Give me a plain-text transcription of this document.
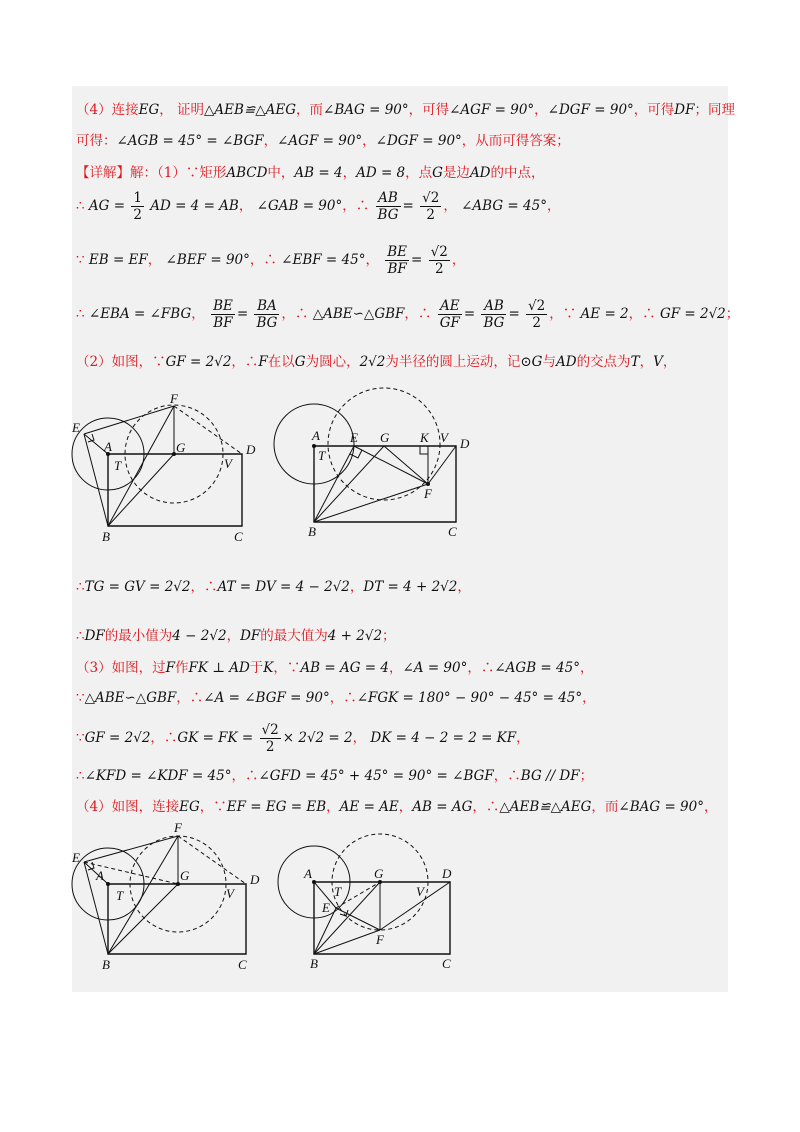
（4）连接EG， 证明△AEB≌△AEG，而∠BAG = 90°，可得∠AGF = 90°，∠DGF = 90°，可得DF；同理
可得：∠AGB = 45° = ∠BGF，∠AGF = 90°，∠DGF = 90°，从而可得答案；
【详解】解：（1）∵矩形ABCD中，AB = 4，AD = 8，点G是边AD的中点，
∴ AG = $\frac{1}{2}$ AD = 4 = AB， ∠GAB = 90°，∴ $\frac{AB}{BG} = \frac{√2}{2}$ ， ∠ABG = 45°，
∵ EB = EF， ∠BEF = 90°，∴ ∠EBF = 45°， $\frac{BE}{BF} = \frac{√2}{2}$ ，
∴ ∠EBA = ∠FBG， $\frac{BE}{BF} = \frac{BA}{BG}$ ，∴ △ABE∽△GBF，∴ $\frac{AE}{GF} = \frac{AB}{BG} = \frac{√2}{2}$ ，∵ AE = 2，∴ GF = 2√2；
（2）如图，∵GF = 2√2，∴F在以G为圆心，2√2为半径的圆上运动，记⊙G与AD的交点为T，V，
E
F
A
T
G
V
D
B	C
A E G K V D
T
F
B	C
∴TG = GV = 2√2，∴AT = DV = 4 − 2√2，DT = 4 + 2√2，
∴DF的最小值为4 − 2√2，DF的最大值为4 + 2√2；
（3）如图，过F作FK ⊥ AD于K，∵AB = AG = 4，∠A = 90°，∴∠AGB = 45°，
∵△ABE∽△GBF，∴∠A = ∠BGF = 90°，∴∠FGK = 180° − 90° − 45° = 45°，
∵GF = 2√2，∴GK = FK = $\frac{√2}{2} \times 2√2 = 2$， DK = 4 − 2 = 2 = KF，
∴∠KFD = ∠KDF = 45°，∴∠GFD = 45° + 45° = 90° = ∠BGF，∴BG // DF；
（4）如图，连接EG，∵EF = EG = EB，AE = AE，AB = AG，∴△AEB≌△AEG，而∠BAG = 90°，
E
F
A
T
G
V
D
B	C
A
T
G
V
D
E
F
B	C
